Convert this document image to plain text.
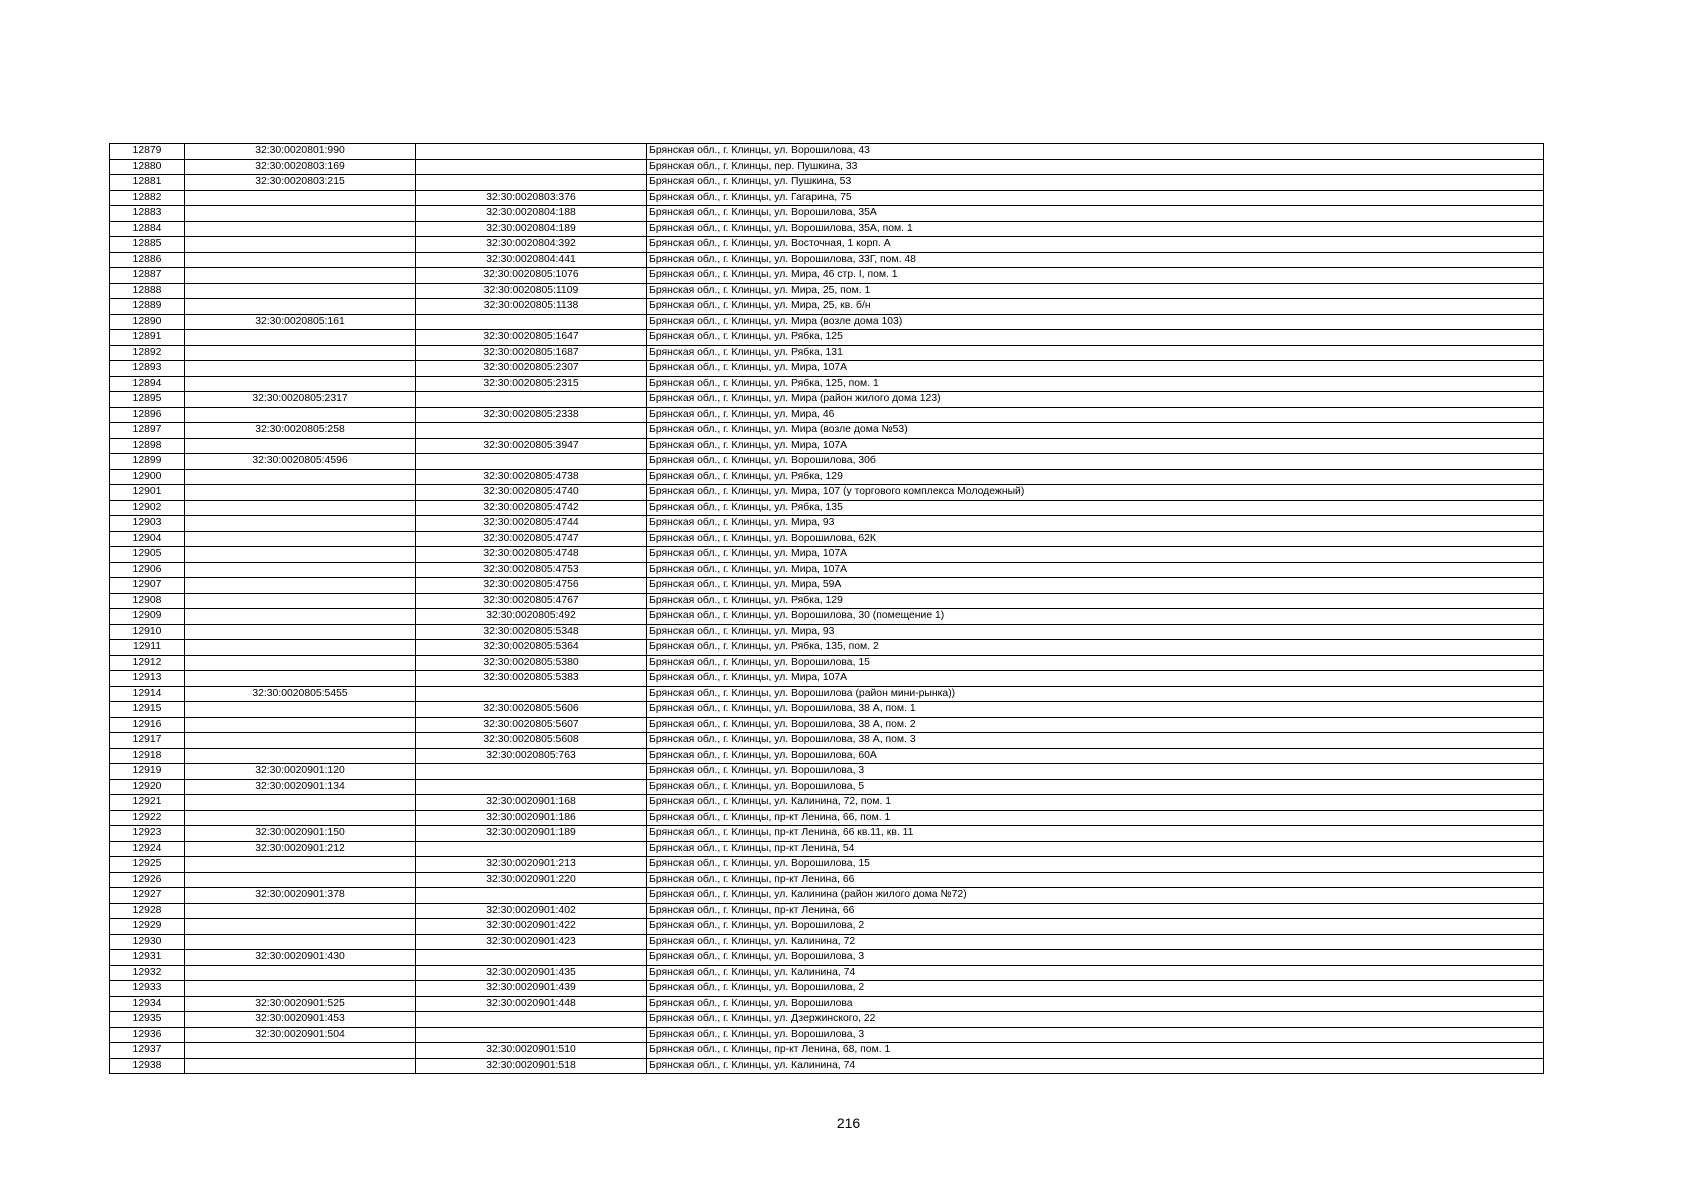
12879	32:30:0020801:990		Брянская обл., г. Клинцы, ул. Ворошилова, 43
12880	32:30:0020803:169		Брянская обл., г. Клинцы, пер. Пушкина, 33
12881	32:30:0020803:215		Брянская обл., г. Клинцы, ул. Пушкина, 53
12882		32:30:0020803:376	Брянская обл., г. Клинцы, ул. Гагарина, 75
12883		32:30:0020804:188	Брянская обл., г. Клинцы, ул. Ворошилова, 35А
12884		32:30:0020804:189	Брянская обл., г. Клинцы, ул. Ворошилова, 35А, пом. 1
12885		32:30:0020804:392	Брянская обл., г. Клинцы, ул. Восточная, 1 корп. А
12886		32:30:0020804:441	Брянская обл., г. Клинцы, ул. Ворошилова, 33Г, пом. 48
12887		32:30:0020805:1076	Брянская обл., г. Клинцы, ул. Мира, 46 стр. I, пом. 1
12888		32:30:0020805:1109	Брянская обл., г. Клинцы, ул. Мира, 25, пом. 1
12889		32:30:0020805:1138	Брянская обл., г. Клинцы, ул. Мира, 25, кв. б/н
12890	32:30:0020805:161		Брянская обл., г. Клинцы, ул. Мира (возле дома 103)
12891		32:30:0020805:1647	Брянская обл., г. Клинцы, ул. Рябка, 125
12892		32:30:0020805:1687	Брянская обл., г. Клинцы, ул. Рябка, 131
12893		32:30:0020805:2307	Брянская обл., г. Клинцы, ул. Мира, 107А
12894		32:30:0020805:2315	Брянская обл., г. Клинцы, ул. Рябка, 125, пом. 1
12895	32:30:0020805:2317		Брянская обл., г. Клинцы, ул. Мира (район жилого дома 123)
12896		32:30:0020805:2338	Брянская обл., г. Клинцы, ул. Мира, 46
12897	32:30:0020805:258		Брянская обл., г. Клинцы, ул. Мира (возле дома №53)
12898		32:30:0020805:3947	Брянская обл., г. Клинцы, ул. Мира, 107А
12899	32:30:0020805:4596		Брянская обл., г. Клинцы, ул. Ворошилова, 30б
12900		32:30:0020805:4738	Брянская обл., г. Клинцы, ул. Рябка, 129
12901		32:30:0020805:4740	Брянская обл., г. Клинцы, ул. Мира, 107 (у торгового комплекса Молодежный)
12902		32:30:0020805:4742	Брянская обл., г. Клинцы, ул. Рябка, 135
12903		32:30:0020805:4744	Брянская обл., г. Клинцы, ул. Мира, 93
12904		32:30:0020805:4747	Брянская обл., г. Клинцы, ул. Ворошилова, 62К
12905		32:30:0020805:4748	Брянская обл., г. Клинцы, ул. Мира, 107А
12906		32:30:0020805:4753	Брянская обл., г. Клинцы, ул. Мира, 107А
12907		32:30:0020805:4756	Брянская обл., г. Клинцы, ул. Мира, 59А
12908		32:30:0020805:4767	Брянская обл., г. Клинцы, ул. Рябка, 129
12909		32:30:0020805:492	Брянская обл., г. Клинцы, ул. Ворошилова, 30 (помещение 1)
12910		32:30:0020805:5348	Брянская обл., г. Клинцы, ул. Мира, 93
12911		32:30:0020805:5364	Брянская обл., г. Клинцы, ул. Рябка, 135, пом. 2
12912		32:30:0020805:5380	Брянская обл., г. Клинцы, ул. Ворошилова, 15
12913		32:30:0020805:5383	Брянская обл., г. Клинцы, ул. Мира, 107А
12914	32:30:0020805:5455		Брянская обл., г. Клинцы, ул. Ворошилова (район мини-рынка))
12915		32:30:0020805:5606	Брянская обл., г. Клинцы, ул. Ворошилова, 38 А, пом. 1
12916		32:30:0020805:5607	Брянская обл., г. Клинцы, ул. Ворошилова, 38 А, пом. 2
12917		32:30:0020805:5608	Брянская обл., г. Клинцы, ул. Ворошилова, 38 А, пом. 3
12918		32:30:0020805:763	Брянская обл., г. Клинцы, ул. Ворошилова, 60А
12919	32:30:0020901:120		Брянская обл., г. Клинцы, ул. Ворошилова, 3
12920	32:30:0020901:134		Брянская обл., г. Клинцы, ул. Ворошилова, 5
12921		32:30:0020901:168	Брянская обл., г. Клинцы, ул. Калинина, 72, пом. 1
12922		32:30:0020901:186	Брянская обл., г. Клинцы, пр-кт Ленина, 66, пом. 1
12923	32:30:0020901:150	32:30:0020901:189	Брянская обл., г. Клинцы, пр-кт Ленина, 66 кв.11, кв. 11
12924	32:30:0020901:212		Брянская обл., г. Клинцы, пр-кт Ленина, 54
12925		32:30:0020901:213	Брянская обл., г. Клинцы, ул. Ворошилова, 15
12926		32:30:0020901:220	Брянская обл., г. Клинцы, пр-кт Ленина, 66
12927	32:30:0020901:378		Брянская обл., г. Клинцы, ул. Калинина (район жилого дома №72)
12928		32:30:0020901:402	Брянская обл., г. Клинцы, пр-кт Ленина, 66
12929		32:30:0020901:422	Брянская обл., г. Клинцы, ул. Ворошилова, 2
12930		32:30:0020901:423	Брянская обл., г. Клинцы, ул. Калинина, 72
12931	32:30:0020901:430		Брянская обл., г. Клинцы, ул. Ворошилова, 3
12932		32:30:0020901:435	Брянская обл., г. Клинцы, ул. Калинина, 74
12933		32:30:0020901:439	Брянская обл., г. Клинцы, ул. Ворошилова, 2
12934	32:30:0020901:525	32:30:0020901:448	Брянская обл., г. Клинцы, ул. Ворошилова
12935	32:30:0020901:453		Брянская обл., г. Клинцы, ул. Дзержинского, 22
12936	32:30:0020901:504		Брянская обл., г. Клинцы, ул. Ворошилова, 3
12937		32:30:0020901:510	Брянская обл., г. Клинцы, пр-кт Ленина, 68, пом. 1
12938		32:30:0020901:518	Брянская обл., г. Клинцы, ул. Калинина, 74
216
